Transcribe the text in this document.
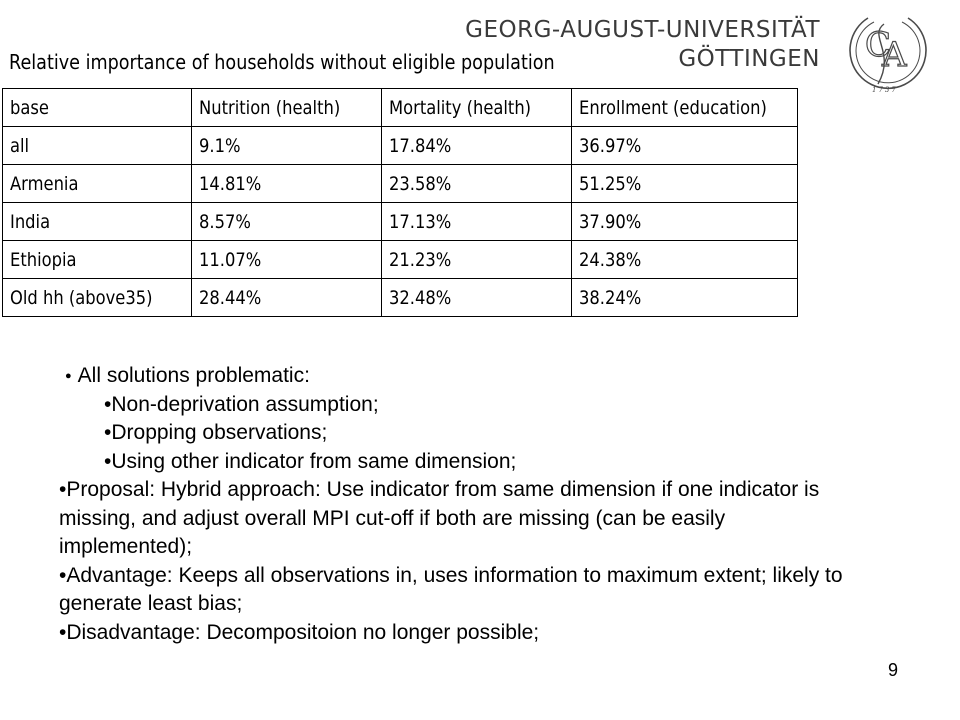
GEORG-AUGUST-UNIVERSITÄT
GÖTTINGEN C
A
1737
Relative importance of households without eligible population
base	Nutrition (health)	Mortality (health)	Enrollment (education)
all	9.1%	17.84%	36.97%
Armenia	14.81%	23.58%	51.25%
India	8.57%	17.13%	37.90%
Ethiopia	11.07%	21.23%	24.38%
Old hh (above35)	28.44%	32.48%	38.24%
● All solutions problematic:
•Non-deprivation assumption;
•Dropping observations;
•Using other indicator from same dimension;
•Proposal: Hybrid approach: Use indicator from same dimension if one indicator is missing, and adjust overall MPI cut-off if both are missing (can be easily implemented);
•Advantage: Keeps all observations in, uses information to maximum extent; likely to generate least bias;
•Disadvantage: Decompositoion no longer possible;
9
